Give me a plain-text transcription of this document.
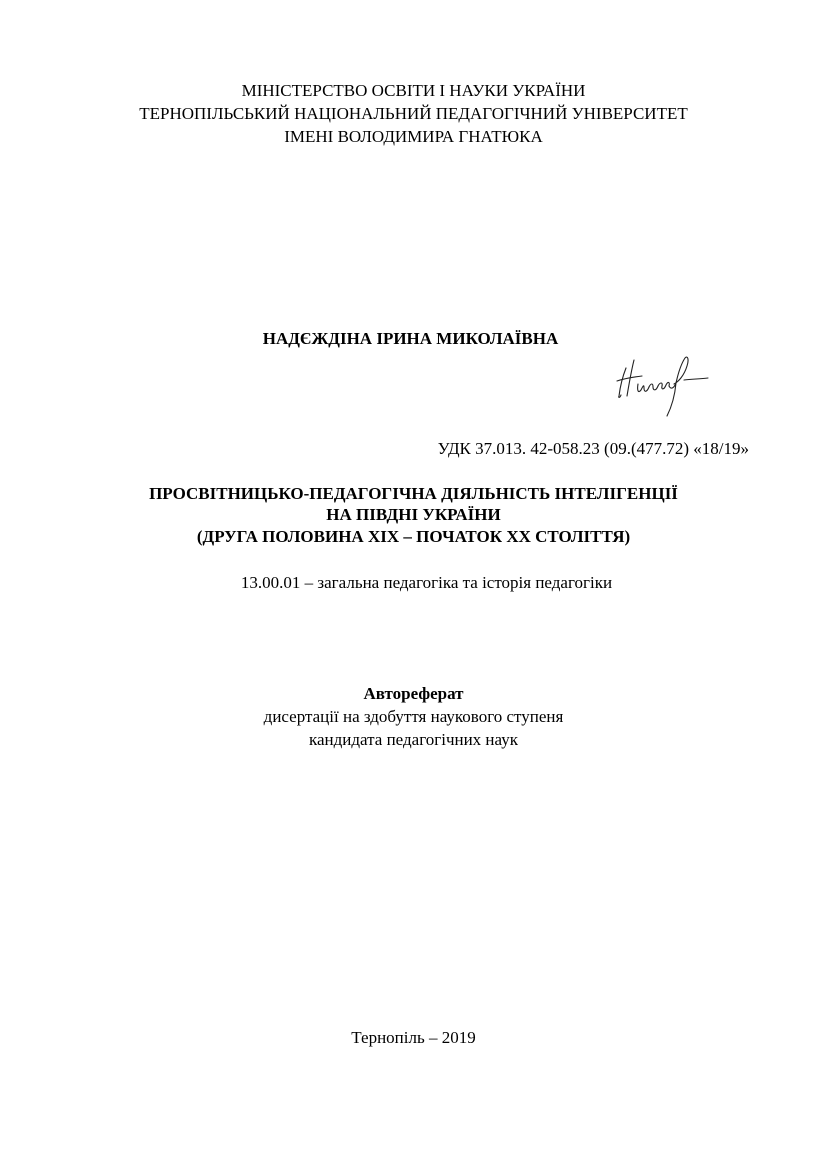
МІНІСТЕРСТВО ОСВІТИ І НАУКИ УКРАЇНИ
ТЕРНОПІЛЬСЬКИЙ НАЦІОНАЛЬНИЙ ПЕДАГОГІЧНИЙ УНІВЕРСИТЕТ
ІМЕНІ ВОЛОДИМИРА ГНАТЮКА
НАДЄЖДІНА ІРИНА МИКОЛАЇВНА
УДК 37.013. 42-058.23 (09.(477.72) «18/19»
ПРОСВІТНИЦЬКО-ПЕДАГОГІЧНА ДІЯЛЬНІСТЬ ІНТЕЛІГЕНЦІЇ
НА ПІВДНІ УКРАЇНИ
(ДРУГА ПОЛОВИНА ХІХ – ПОЧАТОК ХХ СТОЛІТТЯ)
13.00.01 – загальна педагогіка та історія педагогіки
Автореферат
дисертації на здобуття наукового ступеня
кандидата педагогічних наук
Тернопіль – 2019
